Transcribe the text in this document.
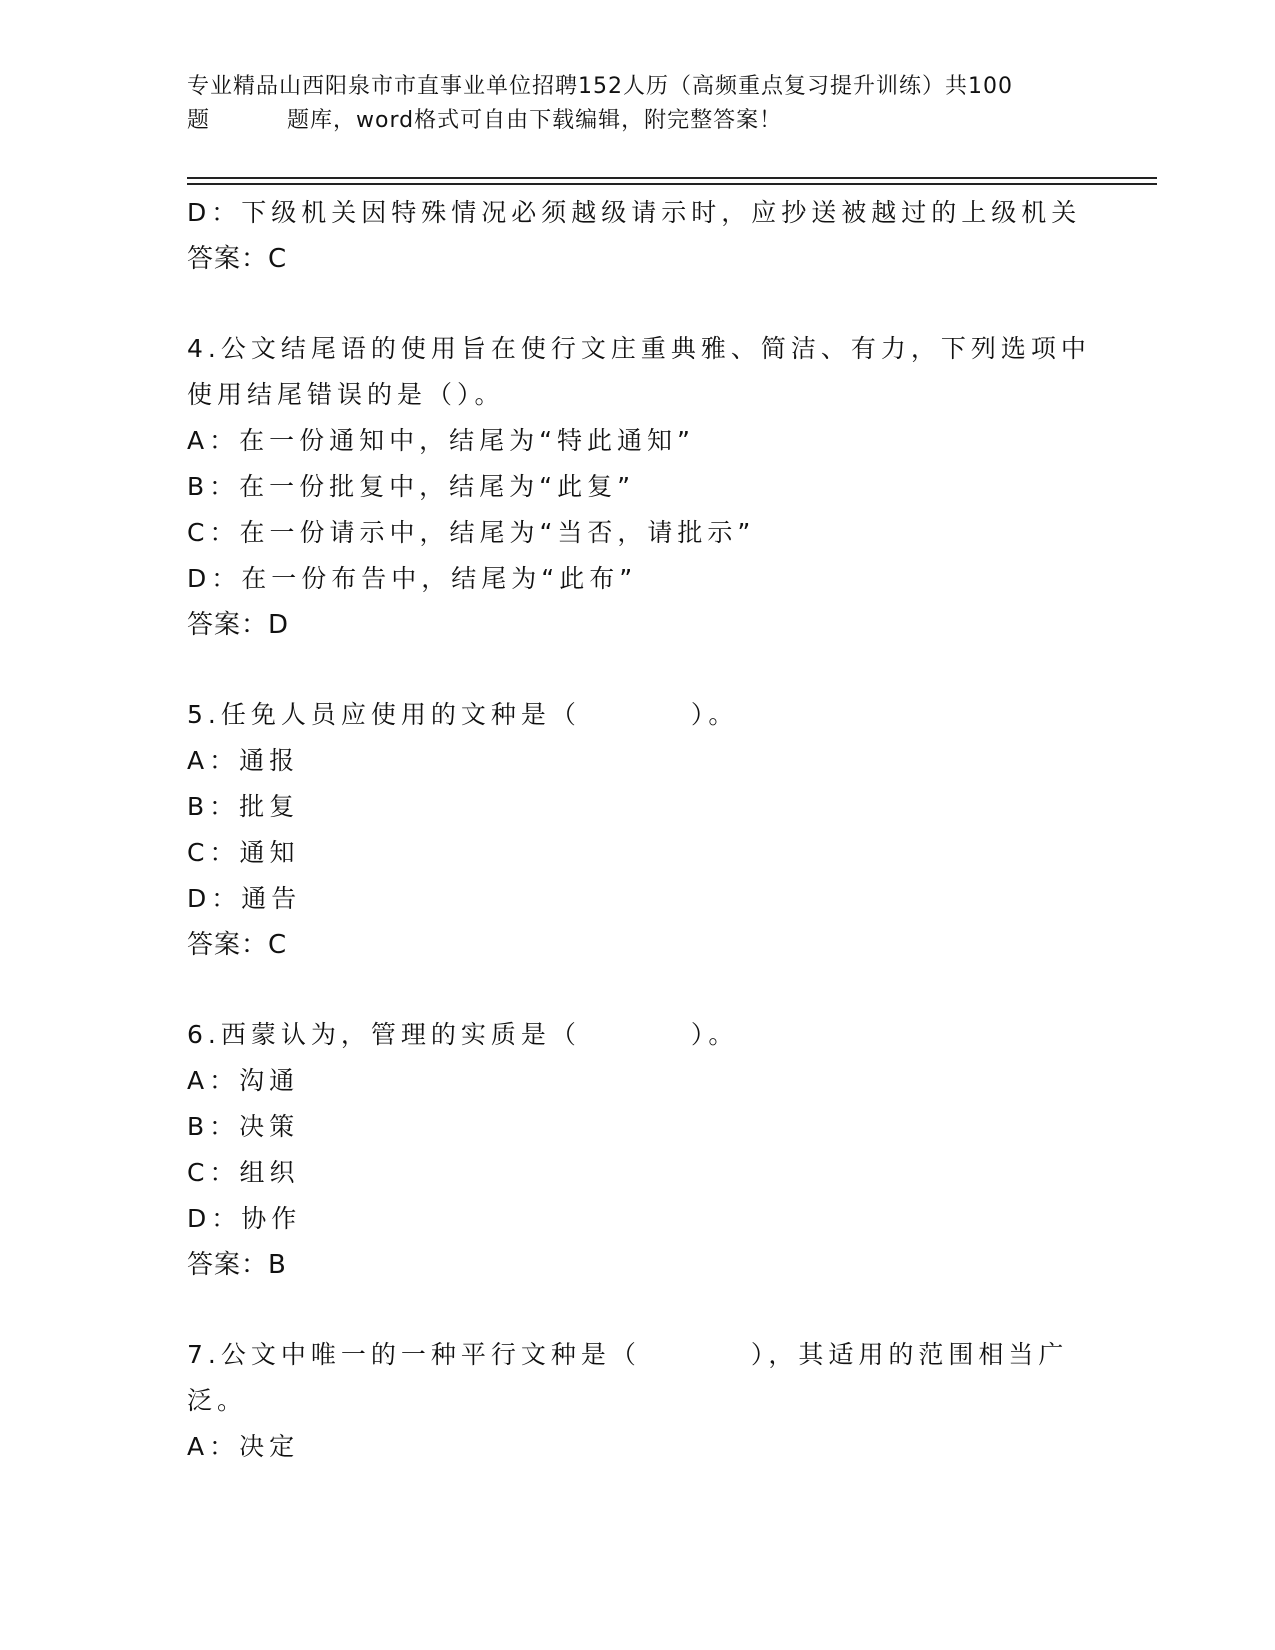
专业精品山西阳泉市市直事业单位招聘152人历（高频重点复习提升训练）共100
题	题库，word格式可自由下载编辑，附完整答案！
D：下级机关因特殊情况必须越级请示时，应抄送被越过的上级机关
答案：C
4.公文结尾语的使用旨在使行文庄重典雅、简洁、有力，下列选项中
使用结尾错误的是（）。
A：在一份通知中，结尾为“特此通知”
B：在一份批复中，结尾为“此复”
C：在一份请示中，结尾为“当否，请批示”
D：在一份布告中，结尾为“此布”
答案：D
5.任免人员应使用的文种是（	）。
A：通报
B：批复
C：通知
D：通告
答案：C
6.西蒙认为，管理的实质是（	）。
A：沟通
B：决策
C：组织
D：协作
答案：B
7.公文中唯一的一种平行文种是（	），其适用的范围相当广
泛。
A：决定
